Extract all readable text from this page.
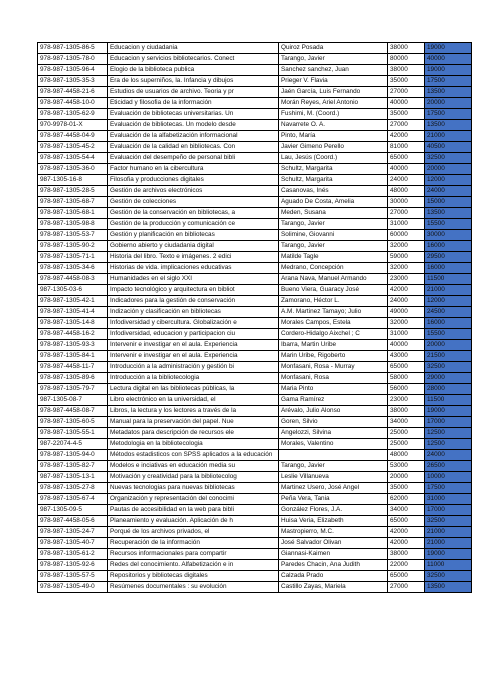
978-987-1305-86-5	Educacion y ciudadania	Quiroz Posada	38000	19000
978-987-1305-78-0	Educacion y servicios bibliotecarios. Conect	Tarango, Javier	80000	40000
978-987-1305-96-4	Elogio de la biblioteca publica	Sanchez sanchez, Juan	38000	19000
978-987-1305-35-3	Era de los superniños, la. Infancia y dibujos	Prieger V. Flavia	35000	17500
978-987-4458-21-6	Estudios de usuarios de archivo. Teoria y pr	Jaén García, Luis Fernando	27000	13500
978-987-4458-10-0	Eticidad y filosofia de la información	Morán Reyes, Ariel Antonio	40000	20000
978-987-1305-62-9	Evaluación de bibliotecas universitarias. Un	Fushimi, M. (Coord.)	35000	17500
970-9978-01-X	Evaluación de bibliotecas. Un modelo desde	Navarrete O. A.	27000	13500
978-987-4458-04-9	Evaluación de la alfabetización informacional	Pinto, María	42000	21000
978-987-1305-45-2	Evaluación de la calidad en bibliotecas. Con	Javier Gimeno Perello	81000	40500
978-987-1305-54-4	Evaluación del desempeño de personal bibli	Lau, Jesús (Coord.)	65000	32500
978-987-1305-36-0	Factor humano en la cibercultura	Schultz, Margarita	40000	20000
987-1305-16-8	Filosofia y producciones digitales	Schultz, Margarita	24000	12000
978-987-1305-28-5	Gestión de archivos electrónicos	Casanovas, Inés	48000	24000
978-987-1305-68-7	Gestión de colecciones	Aguado De Costa, Amelia	30000	15000
978-987-1305-68-1	Gestión de la conservación en bibliotecas, a	Meden, Susana	27000	13500
978-987-1305-98-8	Gestión de la producción y comunicación ce	Tarango, Javier	31000	15500
978-987-1305-53-7	Gestión y planificación en bibliotecas	Solimine, Giovanni	60000	30000
978-987-1305-90-2	Gobierno abierto y ciudadania digital	Tarango, Javier	32000	16000
978-987-1305-71-1	Historia del libro. Texto e imágenes. 2 edici	Matilde Tagle	59000	29500
978-987-1305-34-6	Historias de vida. implicaciones educativas	Medrano, Concepción	32000	16000
978-987-4458-08-3	Humanidades en el siglo XXI	Arana Nava, Manuel Armando	23000	11500
987-1305-03-6	Impacto tecnológico y arquitectura en bibliot	Bueno Viera, Guaracy José	42000	21000
978-987-1305-42-1	Indicadores para la gestión de conservación	Zamorano, Héctor L.	24000	12000
978-987-1305-41-4	Indización y clasificación en bibliotecas	A.M. Martinez Tamayo; Julio	49000	24500
978-987-1305-14-8	Infodiversidad y cibercultura. Globalización e	Morales Campos, Estela	32000	16000
978-987-4458-16-2	Infodiversidad, educacion y participacion ciu	Cordero-Hidalgo Aixchel ; C	31000	15500
978-987-1305-93-3	Intervenir e investigar en el aula. Experiencia	Ibarra, Martin Uribe	40000	20000
978-987-1305-84-1	Intervenir e investigar en el aula. Experiencia	Marin Uribe, Rigoberto	43000	21500
978-987-4458-11-7	Introducción a la administración y gestión bi	Monfasani, Rosa - Murray	65000	32500
978-987-1305-89-6	Introducción a la bibliotecologia	Monfasani, Rosa	58000	29000
978-987-1305-79-7	Lectura digital en las bibliotecas públicas, la	Maria Pinto	56000	28000
987-1305-08-7	Libro electrónico en la universidad, el	Gama Ramírez	23000	11500
978-987-4458-08-7	Libros, la lectura y los lectores a través de la	Arévalo, Julio Alonso	38000	19000
978-987-1305-60-5	Manual para la preservación del papel. Nue	Goren, Silvio	34000	17000
978-987-1305-55-1	Metadatos para descripción de recursos ele	Angelozzi, Silvina	25000	12500
987-22074-4-5	Metodologia en la bibliotecologia	Morales, Valentino	25000	12500
978-987-1305-94-0	Métodos estadisticos con SPSS aplicados a la educación		48000	24000
978-987-1305-82-7	Modelos e inciativas en educación media su	Tarango, Javier	53000	26500
987-987-1305-13-1	Motivación y creatividad para la bibliotecolog	Leslie Villanueva	20000	10000
978-987-1305-27-8	Nuevas tecnologias para nuevas bibliotecas	Martinez Usero, José Angel	35000	17500
978-987-1305-67-4	Organización y representación del conocimi	Peña Vera, Tania	62000	31000
987-1305-09-5	Pautas de accesibilidad en la web para bibli	González Flores, J.A.	34000	17000
978-987-4458-05-6	Planeamiento y evaluación. Aplicación de h	Huisa Veria, Elizabeth	65000	32500
978-987-1305-24-7	Porqué de los archivos privados, el	Mastropierro, M.C.	42000	21000
978-987-1305-40-7	Recuperación de la información	José Salvador Olivan	42000	21000
978-987-1305-61-2	Recursos informacionales para compartir	Giannasi-Kaimen	38000	19000
978-987-1305-92-6	Redes del conocimiento. Alfabetización e in	Paredes Chacin, Ana Judith	22000	11000
978-987-1305-57-5	Repositorios y bibliotecas digitales	Calzada Prado	65000	32500
978-987-1305-49-0	Resúmenes documentales : su evolución	Castillo Zayas, Mariela	27000	13500
